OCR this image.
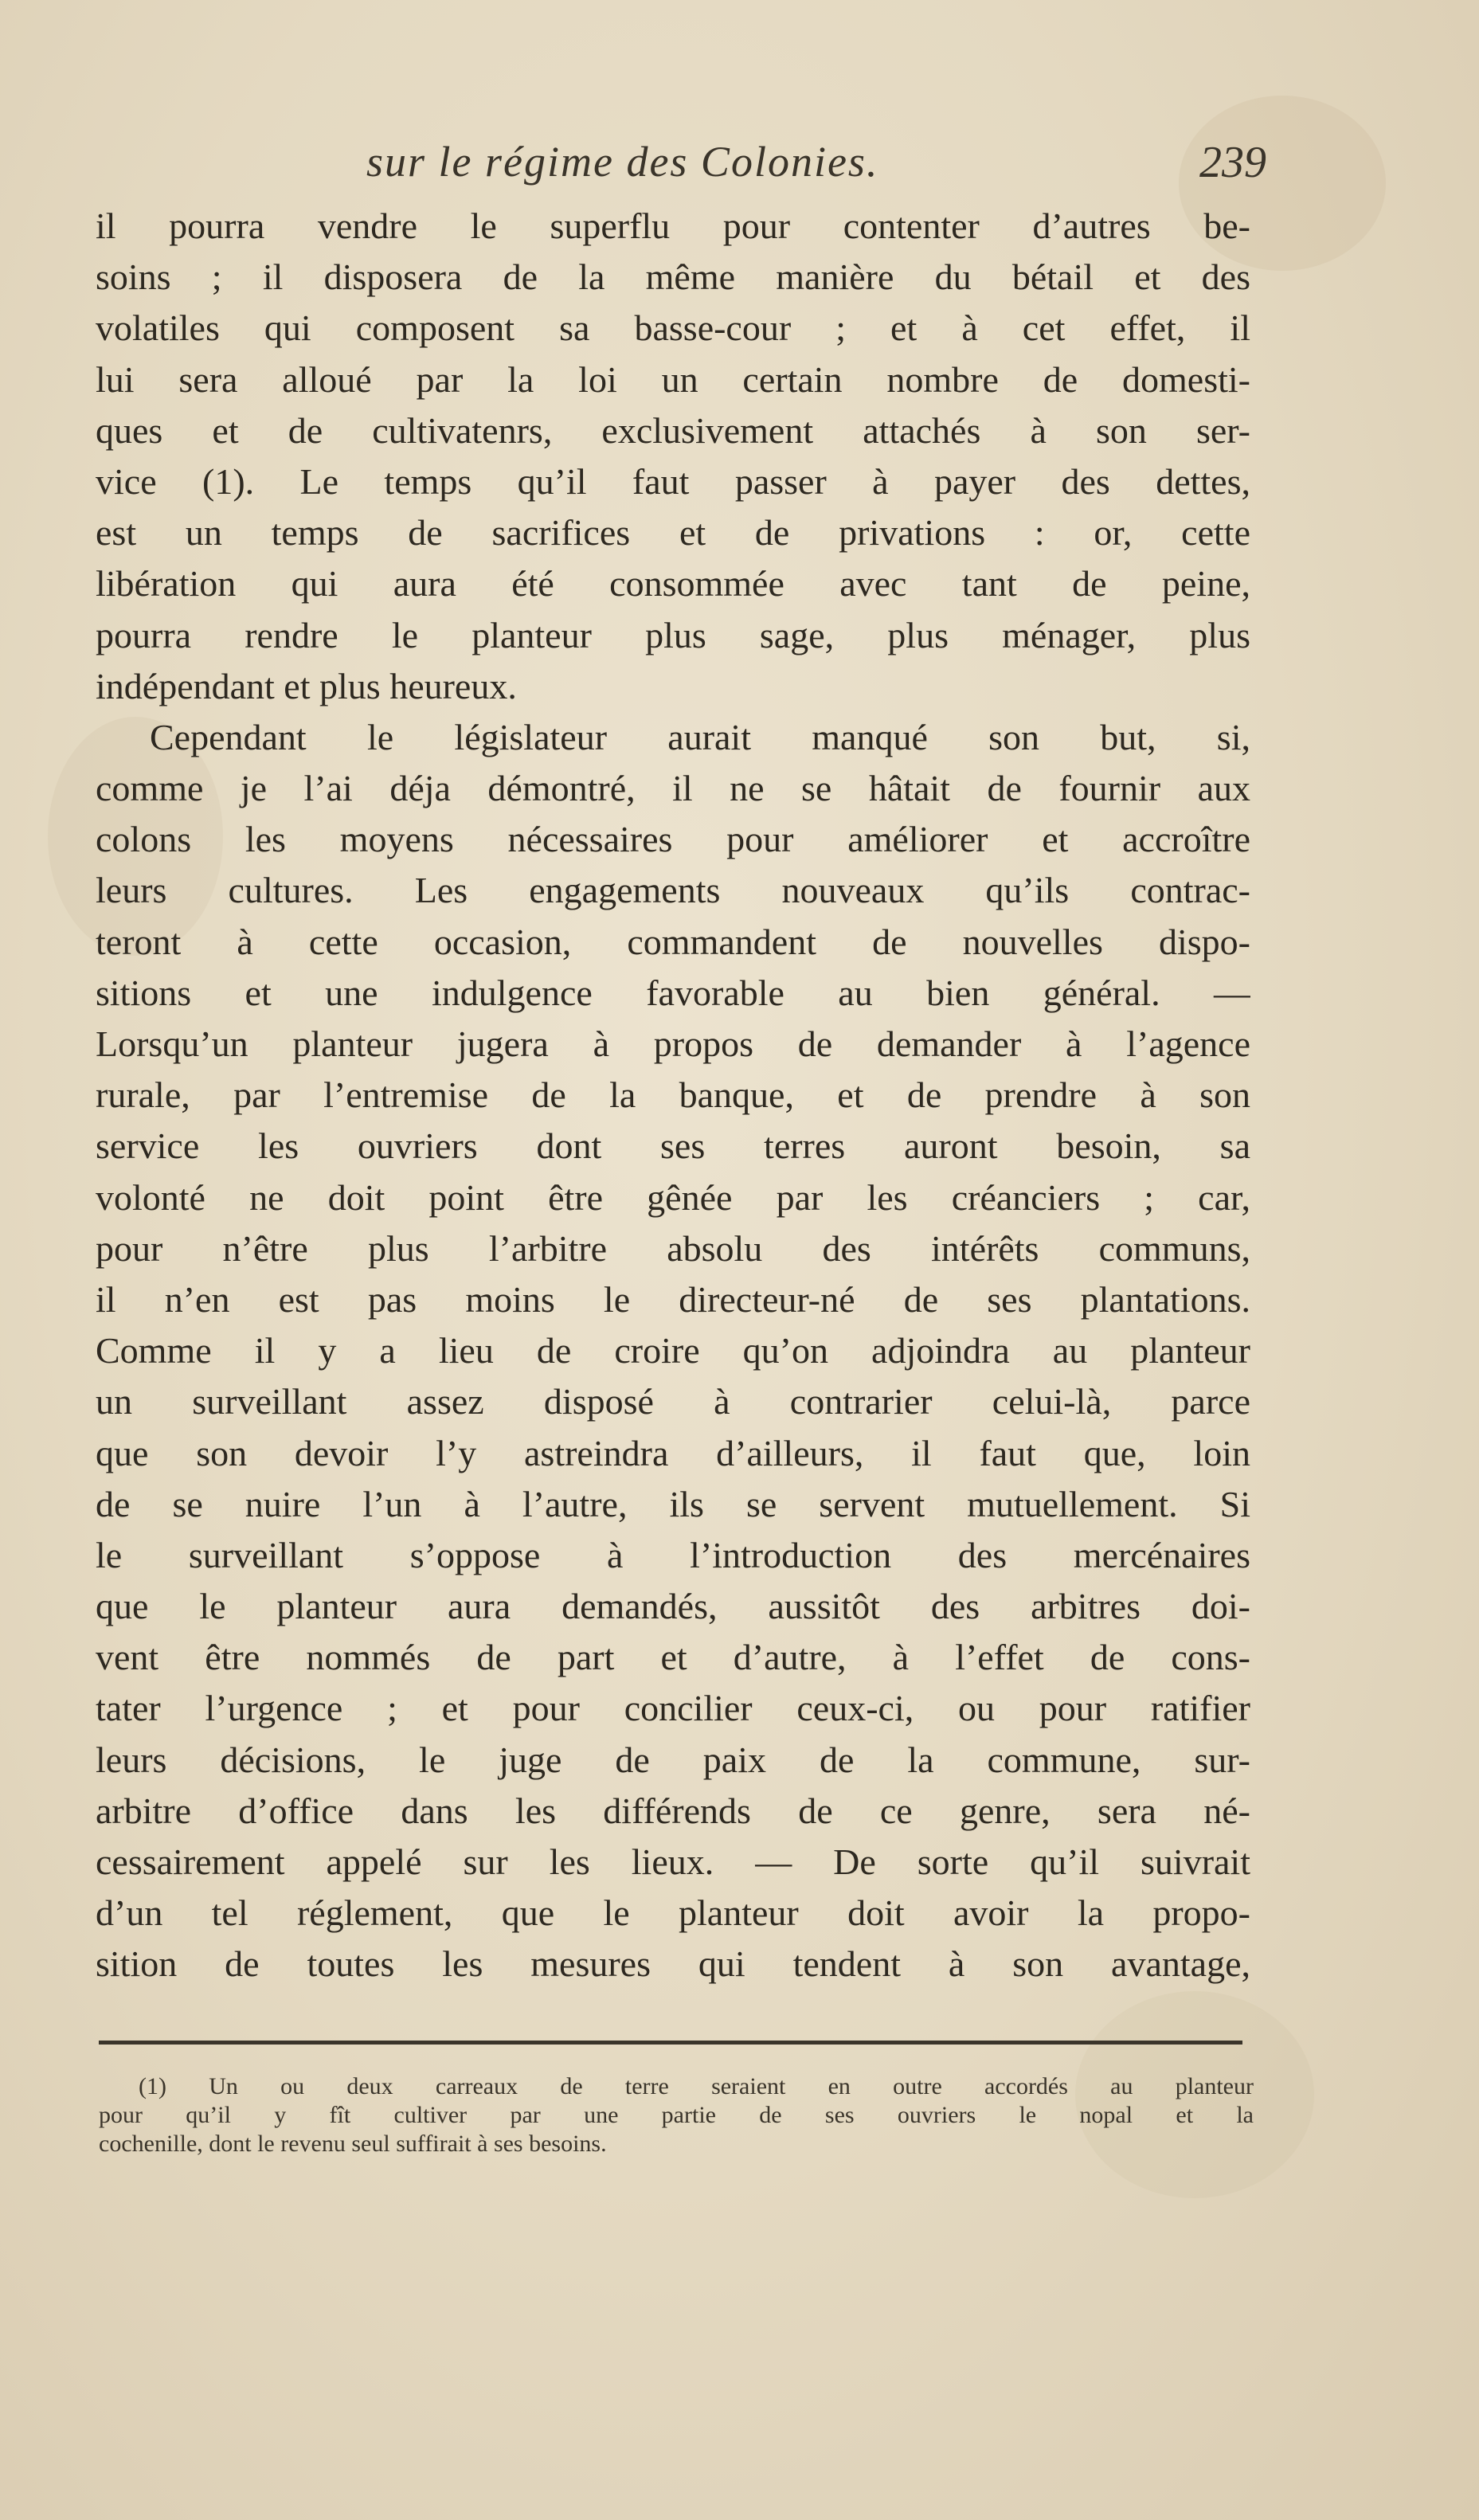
sur le régime des Colonies.	239
il pourra vendre le superflu pour contenter d’autres be-
soins ; il disposera de la même manière du bétail et des
volatiles qui composent sa basse-cour ; et à cet effet, il
lui sera alloué par la loi un certain nombre de domesti-
ques et de cultivatenrs, exclusivement attachés à son ser-
vice (1). Le temps qu’il faut passer à payer des dettes,
est un temps de sacrifices et de privations : or, cette
libération qui aura été consommée avec tant de peine,
pourra rendre le planteur plus sage, plus ménager, plus
indépendant et plus heureux.
Cependant le législateur aurait manqué son but, si,
comme je l’ai déja démontré, il ne se hâtait de fournir aux
colons les moyens nécessaires pour améliorer et accroître
leurs cultures. Les engagements nouveaux qu’ils contrac-
teront à cette occasion, commandent de nouvelles dispo-
sitions et une indulgence favorable au bien général. —
Lorsqu’un planteur jugera à propos de demander à l’agence
rurale, par l’entremise de la banque, et de prendre à son
service les ouvriers dont ses terres auront besoin, sa
volonté ne doit point être gênée par les créanciers ; car,
pour n’être plus l’arbitre absolu des intérêts communs,
il n’en est pas moins le directeur-né de ses plantations.
Comme il y a lieu de croire qu’on adjoindra au planteur
un surveillant assez disposé à contrarier celui-là, parce
que son devoir l’y astreindra d’ailleurs, il faut que, loin
de se nuire l’un à l’autre, ils se servent mutuellement. Si
le surveillant s’oppose à l’introduction des mercénaires
que le planteur aura demandés, aussitôt des arbitres doi-
vent être nommés de part et d’autre, à l’effet de cons-
tater l’urgence ; et pour concilier ceux-ci, ou pour ratifier
leurs décisions, le juge de paix de la commune, sur-
arbitre d’office dans les différends de ce genre, sera né-
cessairement appelé sur les lieux. — De sorte qu’il suivrait
d’un tel réglement, que le planteur doit avoir la propo-
sition de toutes les mesures qui tendent à son avantage,
(1) Un ou deux carreaux de terre seraient en outre accordés au planteur
pour qu’il y fît cultiver par une partie de ses ouvriers le nopal et la
cochenille, dont le revenu seul suffirait à ses besoins.
